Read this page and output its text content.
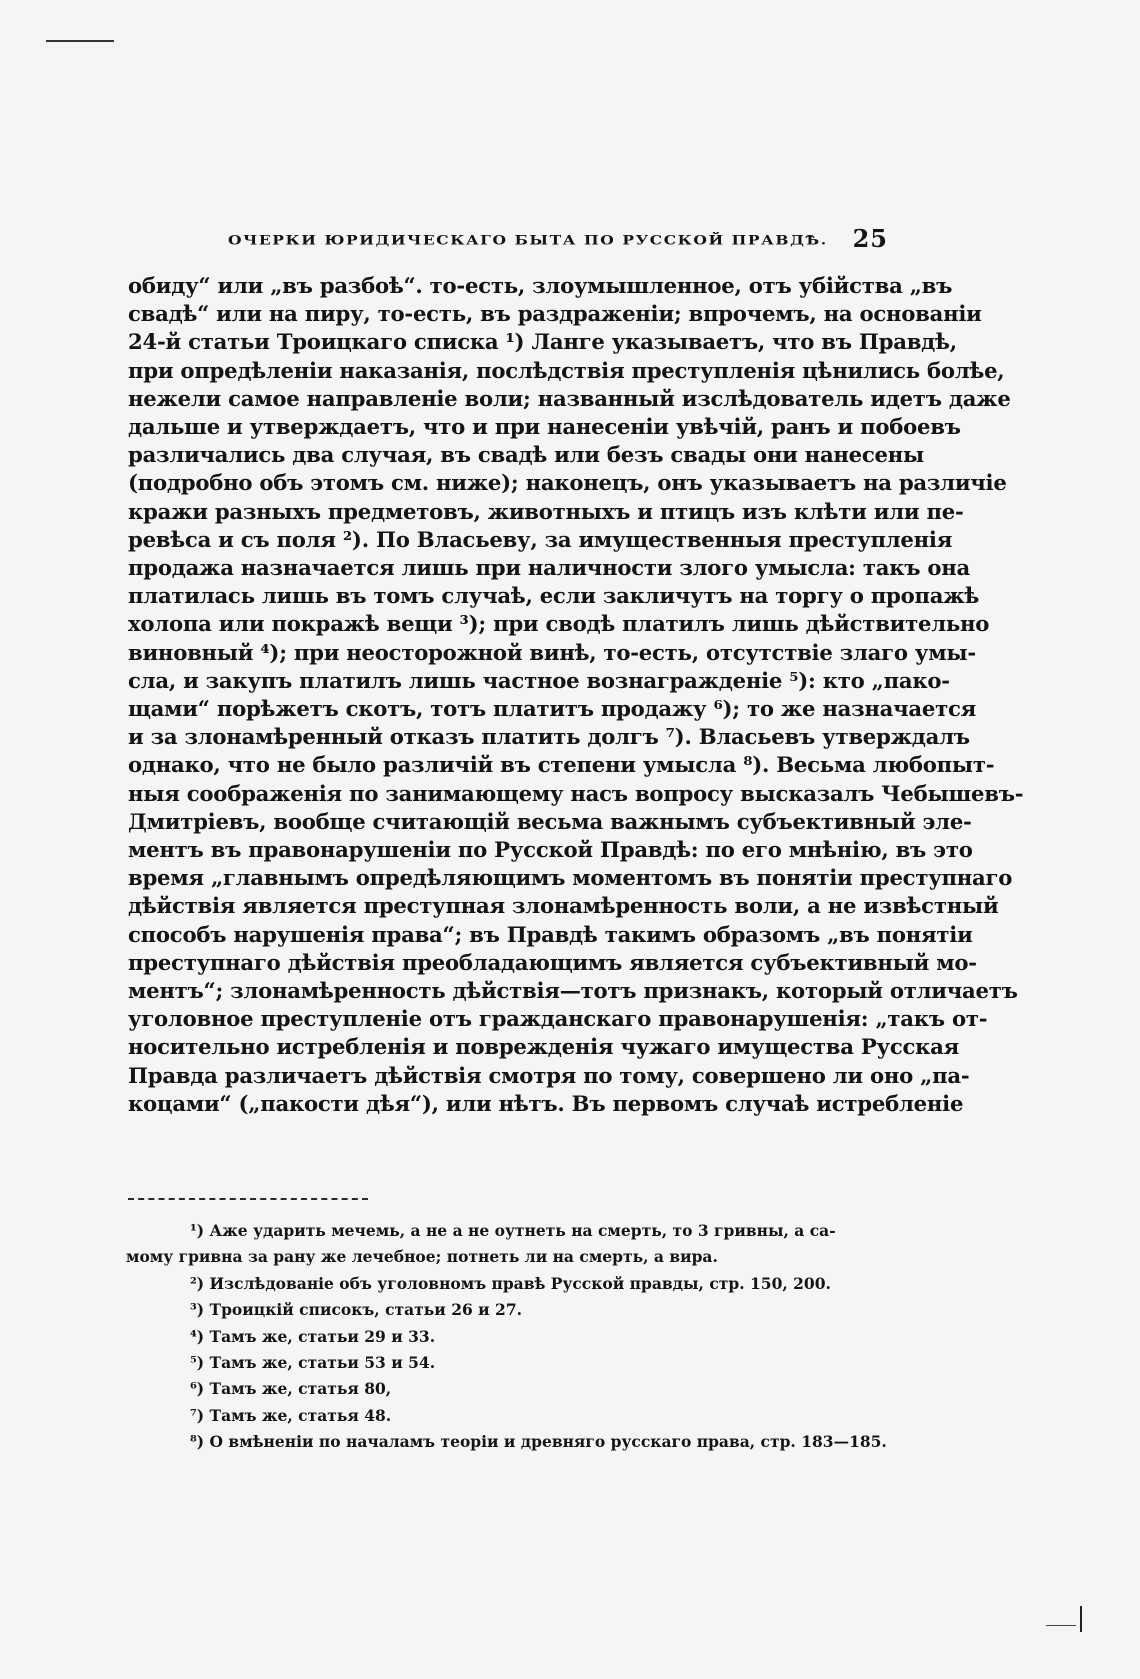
ОЧЕРКИ ЮРИДИЧЕСКАГО БЫТА ПО РУССКОЙ ПРАВДѢ. 25
обиду“ или „въ разбоѣ“. то-есть, злоумышленное, отъ убійства „въ
свадѣ“ или на пиру, то-есть, въ раздраженіи; впрочемъ, на основаніи
24-й статьи Троицкаго списка ¹) Ланге указываетъ, что въ Правдѣ,
при опредѣленіи наказанія, послѣдствія преступленія цѣнились болѣе,
нежели самое направленіе воли; названный изслѣдователь идетъ даже
дальше и утверждаетъ, что и при нанесеніи увѣчій, ранъ и побоевъ
различались два случая, въ свадѣ или безъ свады они нанесены
(подробно объ этомъ см. ниже); наконецъ, онъ указываетъ на различіе
кражи разныхъ предметовъ, животныхъ и птицъ изъ клѣти или пе-
ревѣса и съ поля ²). По Власьеву, за имущественныя преступленія
продажа назначается лишь при наличности злого умысла: такъ она
платилась лишь въ томъ случаѣ, если закличутъ на торгу о пропажѣ
холопа или покражѣ вещи ³); при сводѣ платилъ лишь дѣйствительно
виновный ⁴); при неосторожной винѣ, то-есть, отсутствіе злаго умы-
сла, и закупъ платилъ лишь частное вознагражденіе ⁵): кто „пако-
щами“ порѣжетъ скотъ, тотъ платитъ продажу ⁶); то же назначается
и за злонамѣренный отказъ платить долгъ ⁷). Власьевъ утверждалъ
однако, что не было различій въ степени умысла ⁸). Весьма любопыт-
ныя соображенія по занимающему насъ вопросу высказалъ Чебышевъ-
Дмитріевъ, вообще считающій весьма важнымъ субъективный эле-
ментъ въ правонарушеніи по Русской Правдѣ: по его мнѣнію, въ это
время „главнымъ опредѣляющимъ моментомъ въ понятіи преступнаго
дѣйствія является преступная злонамѣренность воли, а не извѣстный
способъ нарушенія права“; въ Правдѣ такимъ образомъ „въ понятіи
преступнаго дѣйствія преобладающимъ является субъективный мо-
ментъ“; злонамѣренность дѣйствія—тотъ признакъ, который отличаетъ
уголовное преступленіе отъ гражданскаго правонарушенія: „такъ от-
носительно истребленія и поврежденія чужаго имущества Русская
Правда различаетъ дѣйствія смотря по тому, совершено ли оно „па-
коцами“ („пакости дѣя“), или нѣтъ. Въ первомъ случаѣ истребленіе
¹) Аже ударить мечемь, а не а не оутнеть на смерть, то 3 гривны, а са-
мому гривна за рану же лечебное; потнеть ли на смерть, а вира.
²) Изслѣдованіе объ уголовномъ правѣ Русской правды, стр. 150, 200.
³) Троицкій списокъ, статьи 26 и 27.
⁴) Тамъ же, статьи 29 и 33.
⁵) Тамъ же, статьи 53 и 54.
⁶) Тамъ же, статья 80,
⁷) Тамъ же, статья 48.
⁸) О вмѣненіи по началамъ теоріи и древняго русскаго права, стр. 183—185.
